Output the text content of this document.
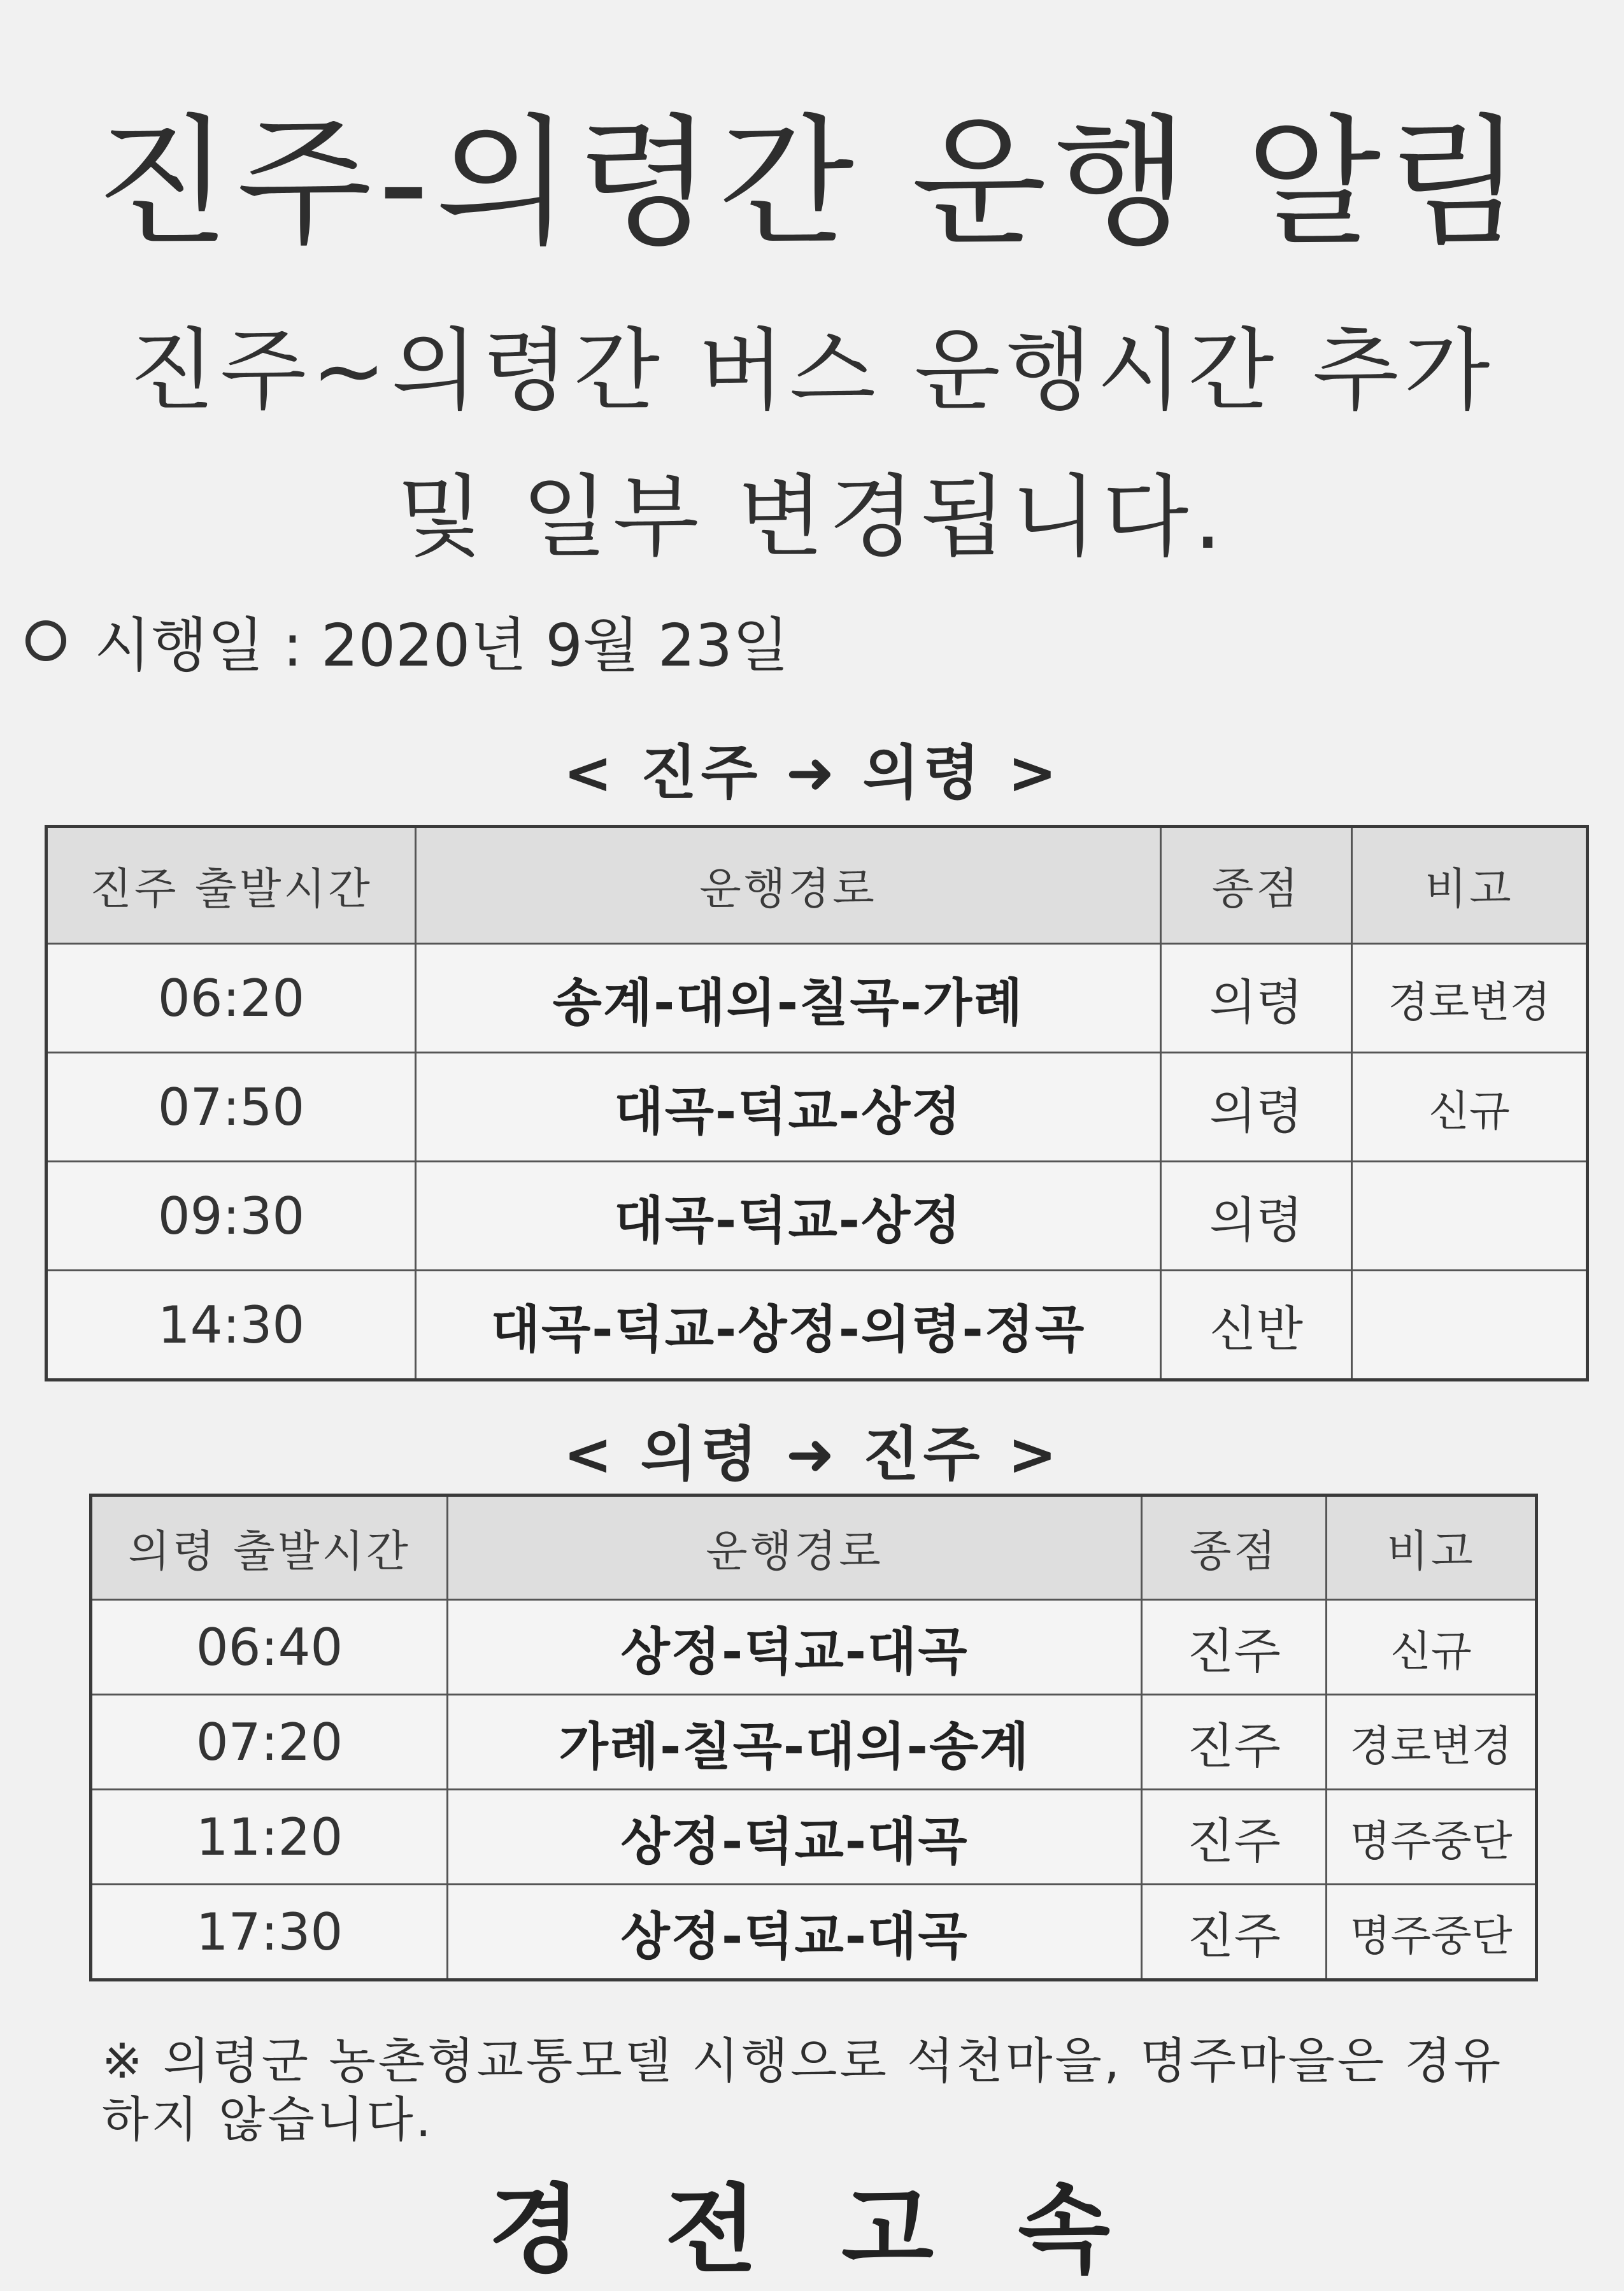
진주-의령간 운행 알림
진주~의령간 버스 운행시간 추가
및 일부 변경됩니다.
시행일 : 2020년 9월 23일
< 진주 ➜ 의령 >
진주 출발시간	운행경로	종점	비고
06:20	송계-대의-칠곡-가례	의령	경로변경
07:50	대곡-덕교-상정	의령	신규
09:30	대곡-덕교-상정	의령	
14:30	대곡-덕교-상정-의령-정곡	신반	
< 의령 ➜ 진주 >
의령 출발시간	운행경로	종점	비고
06:40	상정-덕교-대곡	진주	신규
07:20	가례-칠곡-대의-송계	진주	경로변경
11:20	상정-덕교-대곡	진주	명주중단
17:30	상정-덕교-대곡	진주	명주중단
※ 의령군 농촌형교통모델 시행으로 석천마을, 명주마을은 경유하지 않습니다.
경 전 고 속
